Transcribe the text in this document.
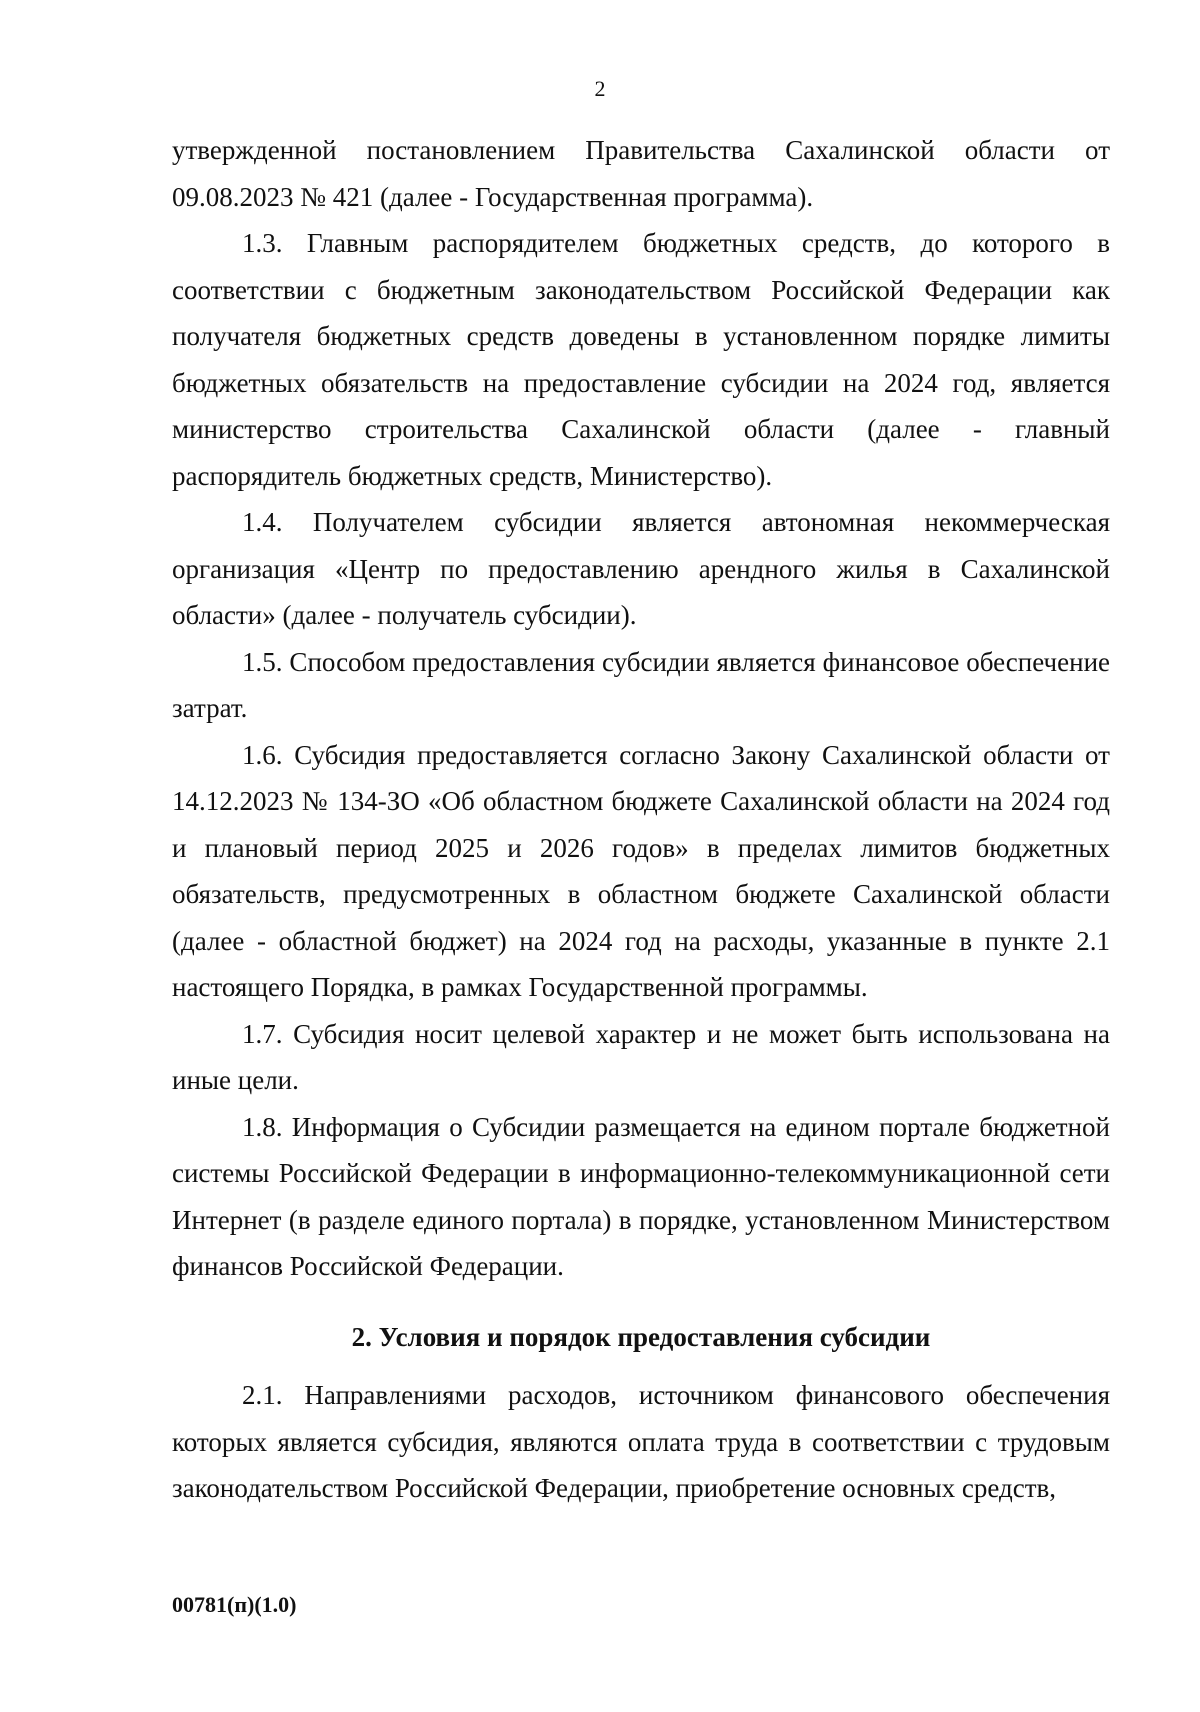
2

утвержденной постановлением Правительства Сахалинской области от 09.08.2023 № 421 (далее - Государственная программа).

1.3. Главным распорядителем бюджетных средств, до которого в соответствии с бюджетным законодательством Российской Федерации как получателя бюджетных средств доведены в установленном порядке лимиты бюджетных обязательств на предоставление субсидии на 2024 год, является министерство строительства Сахалинской области (далее - главный распорядитель бюджетных средств, Министерство).

1.4. Получателем субсидии является автономная некоммерческая организация «Центр по предоставлению арендного жилья в Сахалинской области» (далее - получатель субсидии).

1.5. Способом предоставления субсидии является финансовое обеспечение затрат.

1.6. Субсидия предоставляется согласно Закону Сахалинской области от 14.12.2023 № 134-ЗО «Об областном бюджете Сахалинской области на 2024 год и плановый период 2025 и 2026 годов» в пределах лимитов бюджетных обязательств, предусмотренных в областном бюджете Сахалинской области (далее - областной бюджет) на 2024 год на расходы, указанные в пункте 2.1 настоящего Порядка, в рамках Государственной программы.

1.7. Субсидия носит целевой характер и не может быть использована на иные цели.

1.8. Информация о Субсидии размещается на едином портале бюджетной системы Российской Федерации в информационно-телекоммуникационной сети Интернет (в разделе единого портала) в порядке, установленном Министерством финансов Российской Федерации.

2. Условия и порядок предоставления субсидии

2.1. Направлениями расходов, источником финансового обеспечения которых является субсидия, являются оплата труда в соответствии с трудовым законодательством Российской Федерации, приобретение основных средств,

00781(п)(1.0)
